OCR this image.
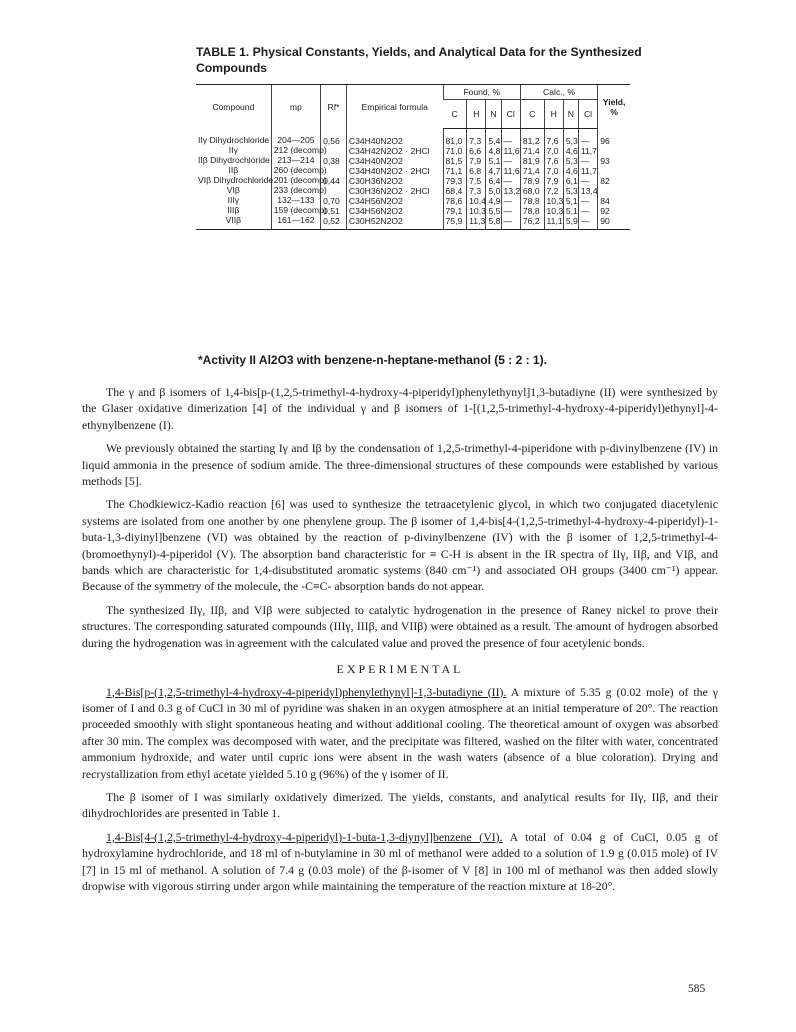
TABLE 1. Physical Constants, Yields, and Analytical Data for the Synthesized Compounds
Compound	mp	Rf*	Empirical formula	Found, %				Calc., %				Yield, %
				C	H	N	Cl	C	H	N	Cl	
IIγ Dihydrochloride	204—205	0,56	C34H40N2O2	81,0	7,3	5,4	—	81,2	7,6	5,3	—	96
IIγ	212 (decomp)		C34H42N2O2 · 2HCl	71,0	6,6	4,8	11,6	71,4	7,0	4,6	11,7	
IIβ Dihydrochloride	213—214	0,38	C34H40N2O2	81,5	7,9	5,1	—	81,9	7,6	5,3	—	93
IIβ	260 (decomp)		C34H40N2O2 · 2HCl	71,1	6,8	4,7	11,6	71,4	7,0	4,6	11,7	
VIβ Dihydrochloride	201 (decomp)	0,44	C30H36N2O2	79,3	7,5	6,4	—	78,9	7,9	6,1	—	82
VIβ	233 (decomp)		C30H36N2O2 · 2HCl	68,4	7,3	5,0	13,2	68,0	7,2	5,3	13,4	
IIIγ	132—133	0,70	C34H56N2O2	78,6	10,4	4,9	—	78,8	10,3	5,1	—	84
IIIβ	159 (decomp)	0,51	C34H56N2O2	79,1	10,3	5,5	—	78,8	10,3	5,1	—	92
VIIβ	161—162	0,52	C30H52N2O2	75,9	11,3	5,8	—	76,2	11,1	5,9	—	90
*Activity II Al2O3 with benzene-n-heptane-methanol (5 : 2 : 1).

The γ and β isomers of 1,4-bis[p-(1,2,5-trimethyl-4-hydroxy-4-piperidyl)phenylethynyl]1,3-butadiyne (II) were synthesized by the Glaser oxidative dimerization [4] of the individual γ and β isomers of 1-[(1,2,5-trimethyl-4-hydroxy-4-piperidyl)ethynyl]-4-ethynylbenzene (I).

We previously obtained the starting Iγ and Iβ by the condensation of 1,2,5-trimethyl-4-piperidone with p-divinylbenzene (IV) in liquid ammonia in the presence of sodium amide. The three-dimensional structures of these compounds were established by various methods [5].

The Chodkiewicz-Kadio reaction [6] was used to synthesize the tetraacetylenic glycol, in which two conjugated diacetylenic systems are isolated from one another by one phenylene group. The β isomer of 1,4-bis[4-(1,2,5-trimethyl-4-hydroxy-4-piperidyl)-1-buta-1,3-diyinyl]benzene (VI) was obtained by the reaction of p-divinylbenzene (IV) with the β isomer of 1,2,5-trimethyl-4-(bromoethynyl)-4-piperidol (V). The absorption band characteristic for ≡ C-H is absent in the IR spectra of IIγ, IIβ, and VIβ, and bands which are characteristic for 1,4-disubstituted aromatic systems (840 cm⁻¹) and associated OH groups (3400 cm⁻¹) appear. Because of the symmetry of the molecule, the -C≡C- absorption bands do not appear.

The synthesized IIγ, IIβ, and VIβ were subjected to catalytic hydrogenation in the presence of Raney nickel to prove their structures. The corresponding saturated compounds (IIIγ, IIIβ, and VIIβ) were obtained as a result. The amount of hydrogen absorbed during the hydrogenation was in agreement with the calculated value and proved the presence of four acetylenic bonds.

EXPERIMENTAL

1,4-Bis[p-(1,2,5-trimethyl-4-hydroxy-4-piperidyl)phenylethynyl]-1,3-butadiyne (II). A mixture of 5.35 g (0.02 mole) of the γ isomer of I and 0.3 g of CuCl in 30 ml of pyridine was shaken in an oxygen atmosphere at an initial temperature of 20°. The reaction proceeded smoothly with slight spontaneous heating and without additional cooling. The theoretical amount of oxygen was absorbed after 30 min. The complex was decomposed with water, and the precipitate was filtered, washed on the filter with water, concentrated ammonium hydroxide, and water until cupric ions were absent in the wash waters (absence of a blue coloration). Drying and recrystallization from ethyl acetate yielded 5.10 g (96%) of the γ isomer of II.

The β isomer of I was similarly oxidatively dimerized. The yields, constants, and analytical results for IIγ, IIβ, and their dihydrochlorides are presented in Table 1.

1,4-Bis[4-(1,2,5-trimethyl-4-hydroxy-4-piperidyl)-1-buta-1,3-diynyl]benzene (VI). A total of 0.04 g of CuCl, 0.05 g of hydroxylamine hydrochloride, and 18 ml of n-butylamine in 30 ml of methanol were added to a solution of 1.9 g (0.015 mole) of IV [7] in 15 ml of methanol. A solution of 7.4 g (0.03 mole) of the β-isomer of V [8] in 100 ml of methanol was then added slowly dropwise with vigorous stirring under argon while maintaining the temperature of the reaction mixture at 18-20°.

585
